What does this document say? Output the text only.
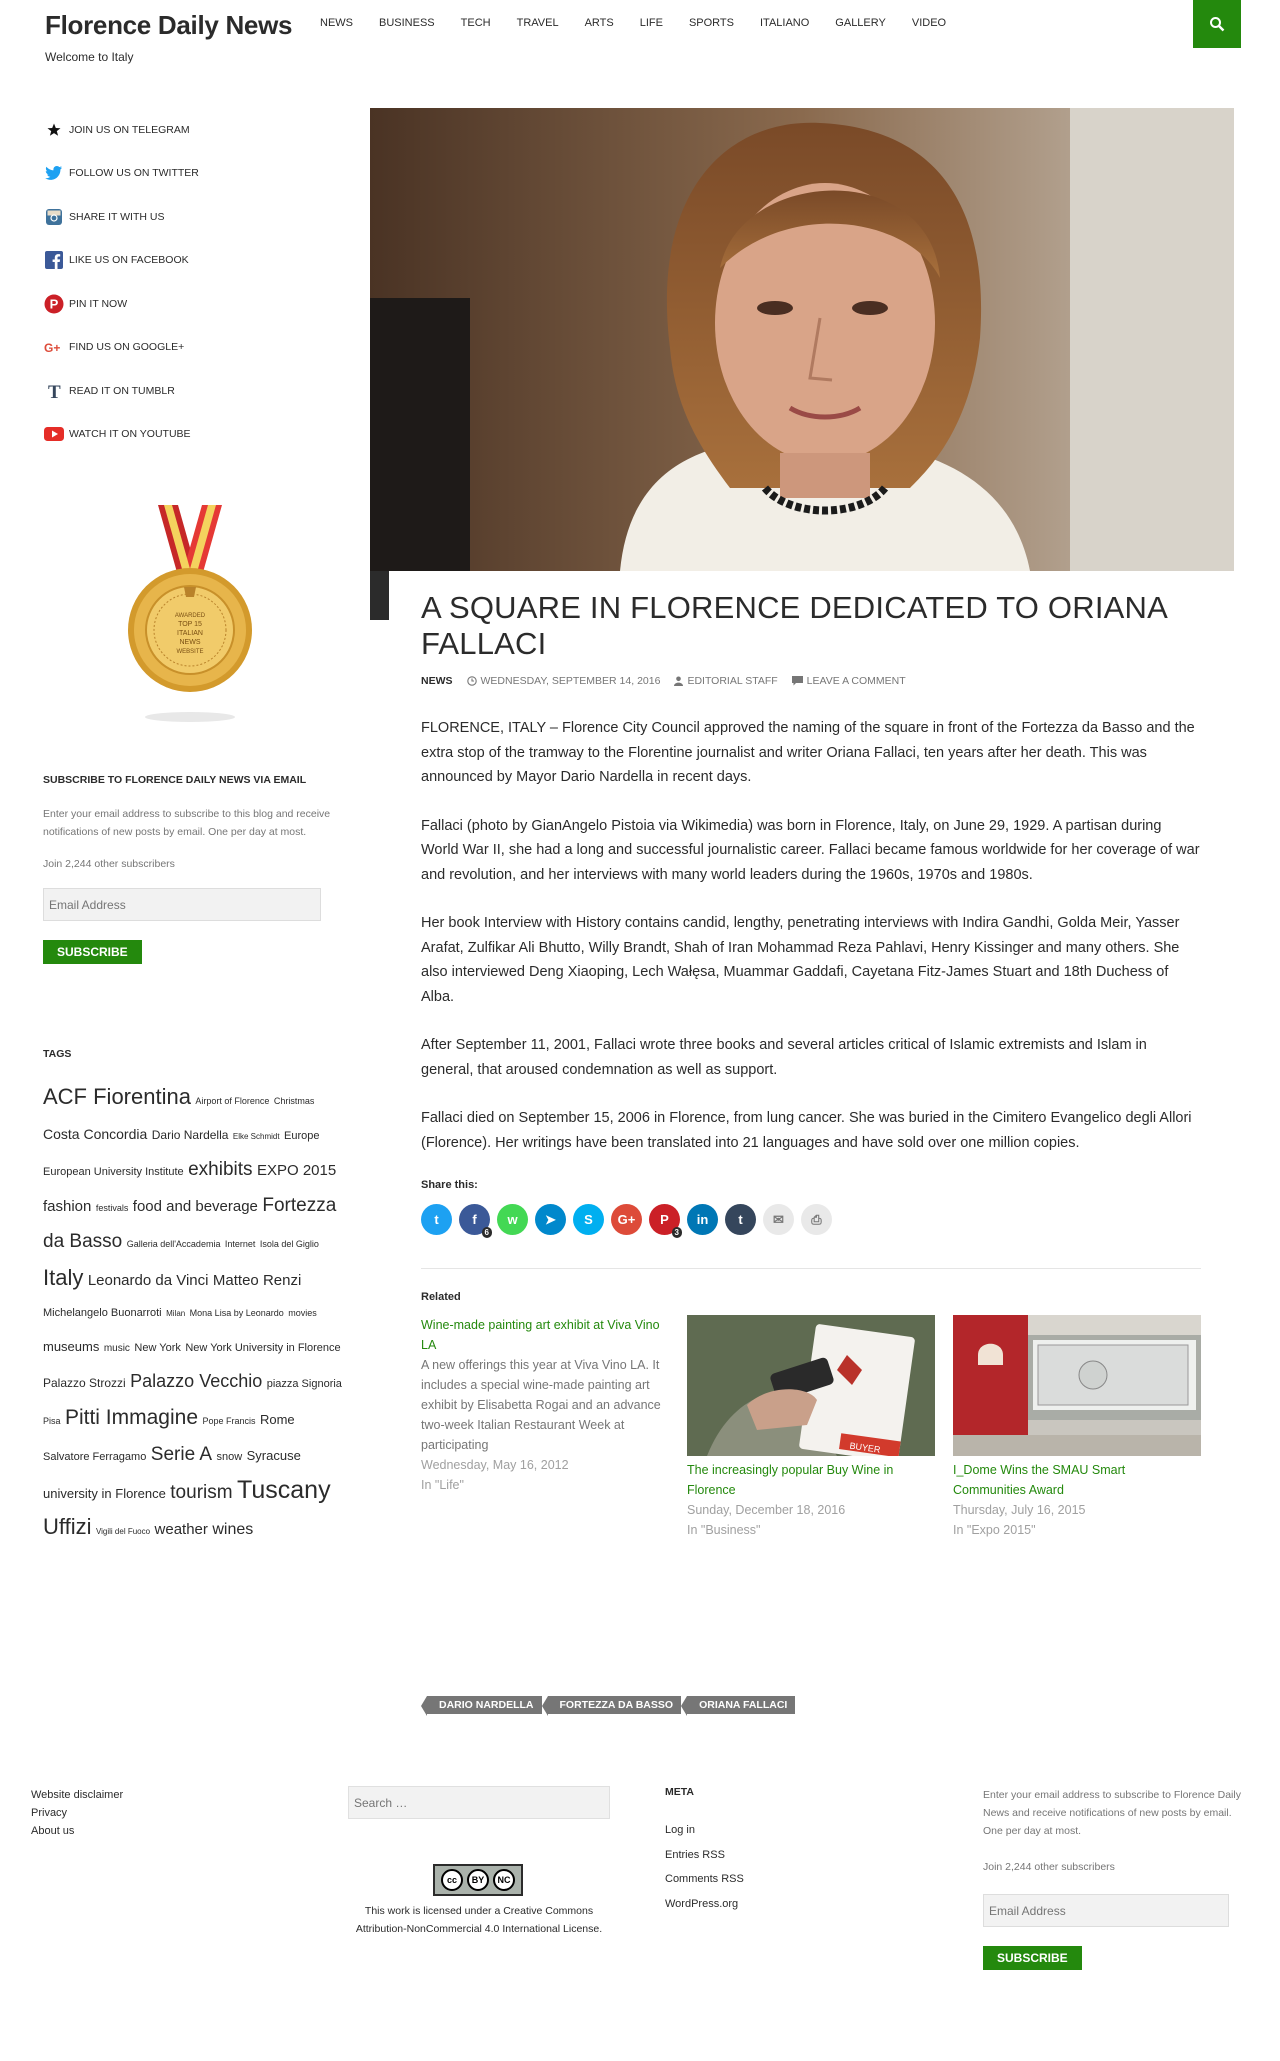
Florence Daily News
Welcome to Italy
NEWS BUSINESS TECH TRAVEL ARTS LIFE SPORTS ITALIANO GALLERY VIDEO
JOIN US ON TELEGRAM
FOLLOW US ON TWITTER
SHARE IT WITH US
LIKE US ON FACEBOOK
P PIN IT NOW
G+ FIND US ON GOOGLE+
T READ IT ON TUMBLR
WATCH IT ON YOUTUBE
AWARDED
TOP 15
ITALIAN
NEWS
WEBSITE
SUBSCRIBE TO FLORENCE DAILY NEWS VIA EMAIL

Enter your email address to subscribe to this blog and receive notifications of new posts by email. One per day at most.

Join 2,244 other subscribers

Email Address
SUBSCRIBE
TAGS
ACF Fiorentina Airport of Florence Christmas Costa Concordia Dario Nardella Elke Schmidt Europe European University Institute exhibits EXPO 2015 fashion festivals food and beverage Fortezza da Basso Galleria dell'Accademia Internet Isola del Giglio Italy Leonardo da Vinci Matteo Renzi Michelangelo Buonarroti Milan Mona Lisa by Leonardo movies museums music New York New York University in Florence Palazzo Strozzi Palazzo Vecchio piazza Signoria Pisa Pitti Immagine Pope Francis Rome Salvatore Ferragamo Serie A snow Syracuse university in Florence tourism Tuscany Uffizi Vigili del Fuoco weather wines
A SQUARE IN FLORENCE DEDICATED TO ORIANA FALLACI
NEWS	WEDNESDAY, SEPTEMBER 14, 2016	EDITORIAL STAFF	LEAVE A COMMENT

FLORENCE, ITALY – Florence City Council approved the naming of the square in front of the Fortezza da Basso and the extra stop of the tramway to the Florentine journalist and writer Oriana Fallaci, ten years after her death. This was announced by Mayor Dario Nardella in recent days.

Fallaci (photo by GianAngelo Pistoia via Wikimedia) was born in Florence, Italy, on June 29, 1929. A partisan during World War II, she had a long and successful journalistic career. Fallaci became famous worldwide for her coverage of war and revolution, and her interviews with many world leaders during the 1960s, 1970s and 1980s.

Her book Interview with History contains candid, lengthy, penetrating interviews with Indira Gandhi, Golda Meir, Yasser Arafat, Zulfikar Ali Bhutto, Willy Brandt, Shah of Iran Mohammad Reza Pahlavi, Henry Kissinger and many others. She also interviewed Deng Xiaoping, Lech Wałęsa, Muammar Gaddafi, Cayetana Fitz-James Stuart and 18th Duchess of Alba.

After September 11, 2001, Fallaci wrote three books and several articles critical of Islamic extremists and Islam in general, that aroused condemnation as well as support.

Fallaci died on September 15, 2006 in Florence, from lung cancer. She was buried in the Cimitero Evangelico degli Allori (Florence). Her writings have been translated into 21 languages and have sold over one million copies.

Share this:
t	f
6
w ➤ S G+ P
3
in t ✉ ⎙
Related
Wine-made painting art exhibit at Viva Vino LA
A new offerings this year at Viva Vino LA. It includes a special wine-made painting art exhibit by Elisabetta Rogai and an advance two-week Italian Restaurant Week at participating
Wednesday, May 16, 2012
In "Life"
BUYER
The increasingly popular Buy Wine in Florence
Sunday, December 18, 2016
In "Business"
I_Dome Wins the SMAU Smart Communities Award
Thursday, July 16, 2015
In "Expo 2015"
DARIO NARDELLA	FORTEZZA DA BASSO	ORIANA FALLACI
Website disclaimer
Privacy
About us
Search …
cc	BY	NC
This work is licensed under a Creative Commons Attribution-NonCommercial 4.0 International License.
META
Log in
Entries RSS
Comments RSS
WordPress.org

Enter your email address to subscribe to Florence Daily News and receive notifications of new posts by email. One per day at most.

Join 2,244 other subscribers

Email Address
SUBSCRIBE
